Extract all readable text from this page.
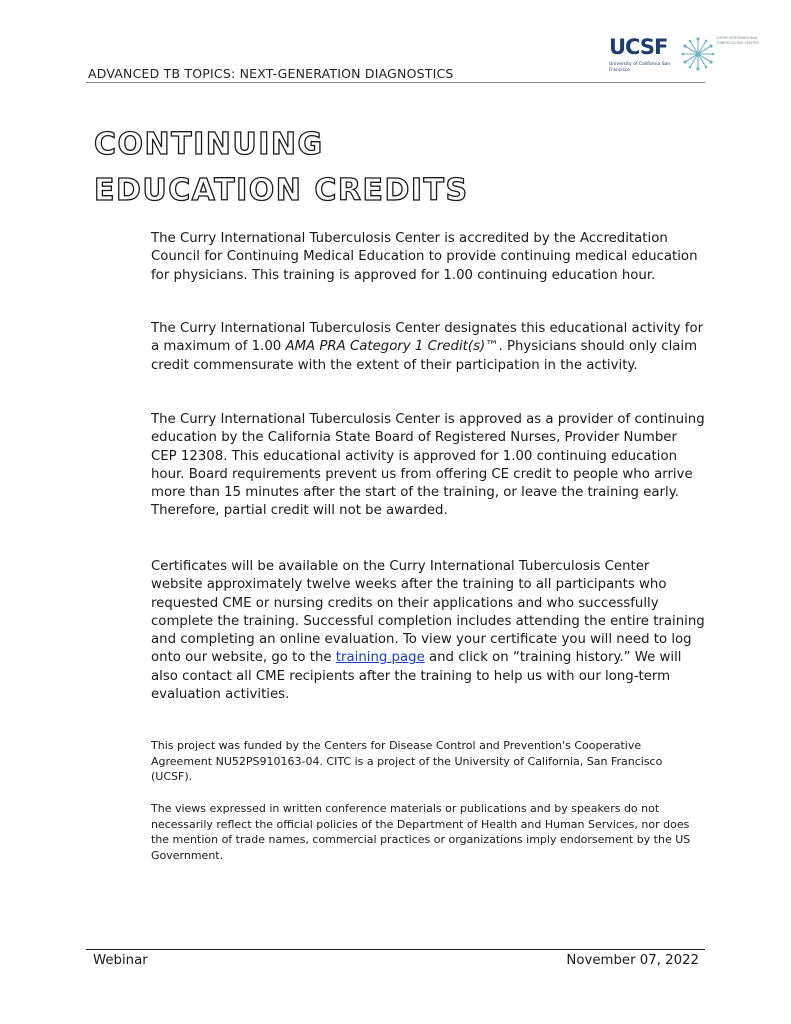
ADVANCED TB TOPICS: NEXT-GENERATION DIAGNOSTICS
UCSF
University of California San Francisco
CURRY INTERNATIONAL TUBERCULOSIS CENTER
CONTINUING
EDUCATION CREDITS

The Curry International Tuberculosis Center is accredited by the Accreditation Council for Continuing Medical Education to provide continuing medical education for physicians. This training is approved for 1.00 continuing education hour.

The Curry International Tuberculosis Center designates this educational activity for a maximum of 1.00 AMA PRA Category 1 Credit(s)™. Physicians should only claim credit commensurate with the extent of their participation in the activity.

The Curry International Tuberculosis Center is approved as a provider of continuing education by the California State Board of Registered Nurses, Provider Number CEP 12308. This educational activity is approved for 1.00 continuing education hour. Board requirements prevent us from offering CE credit to people who arrive more than 15 minutes after the start of the training, or leave the training early. Therefore, partial credit will not be awarded.

Certificates will be available on the Curry International Tuberculosis Center website approximately twelve weeks after the training to all participants who requested CME or nursing credits on their applications and who successfully complete the training. Successful completion includes attending the entire training and completing an online evaluation. To view your certificate you will need to log onto our website, go to the training page and click on “training history.” We will also contact all CME recipients after the training to help us with our long-term evaluation activities.

This project was funded by the Centers for Disease Control and Prevention's Cooperative Agreement NU52PS910163-04. CITC is a project of the University of California, San Francisco (UCSF).

The views expressed in written conference materials or publications and by speakers do not necessarily reflect the official policies of the Department of Health and Human Services, nor does the mention of trade names, commercial practices or organizations imply endorsement by the US Government.

Webinar	November 07, 2022
